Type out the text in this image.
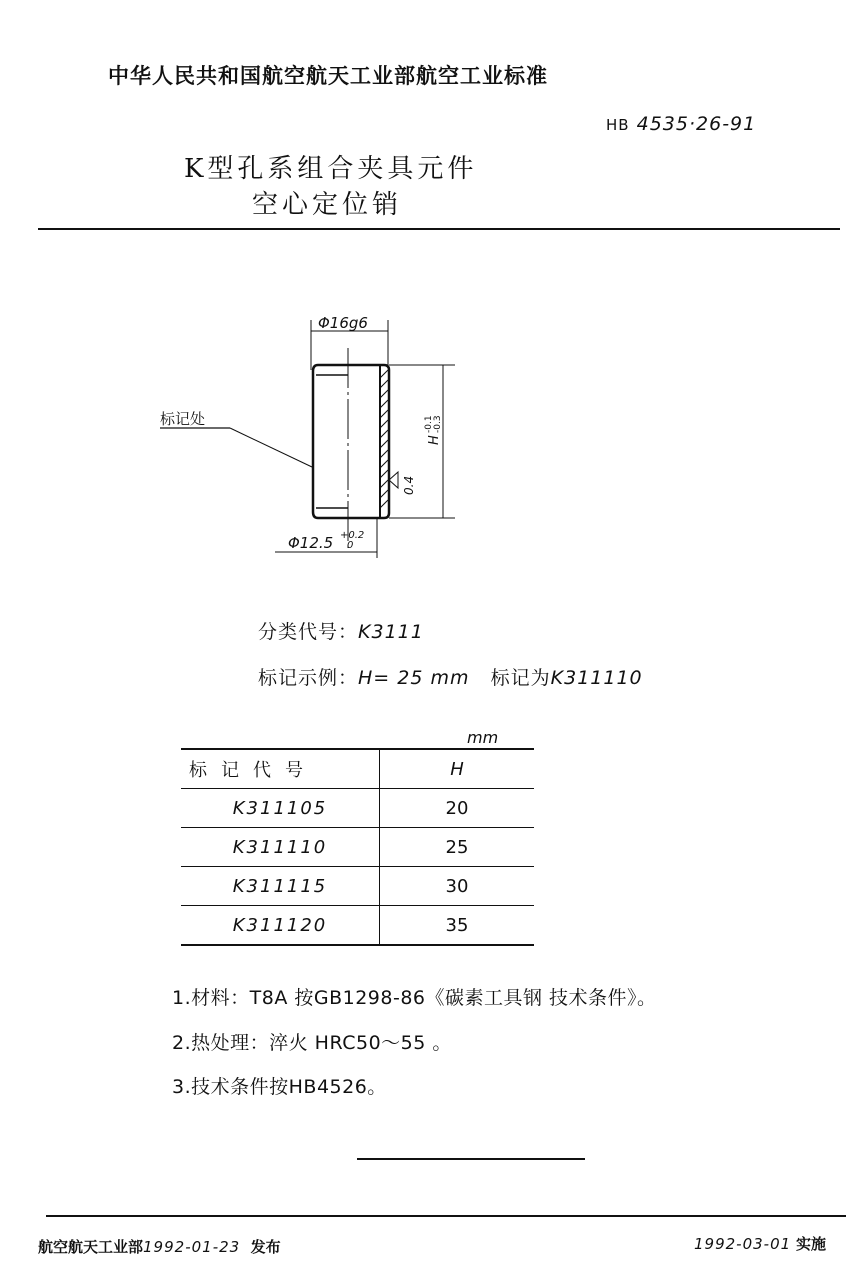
中华人民共和国航空航天工业部航空工业标准
HB 4535·26-91
K型孔系组合夹具元件
空心定位销
Φ16g6
Φ12.5 +0.2
0
H
-0.1 -0.3
0.4
标记处
分类代号：K3111
标记示例：H= 25 mm 标记为K311110
mm
标记代号	H
K311105	20
K311110	25
K311115	30
K311120	35
1.材料：T8A 按GB1298-86《碳素工具钢 技术条件》。
2.热处理：淬火 HRC50～55 。
3.技术条件按HB4526。
航空航天工业部1992-01-23 发布	1992-03-01 实施
